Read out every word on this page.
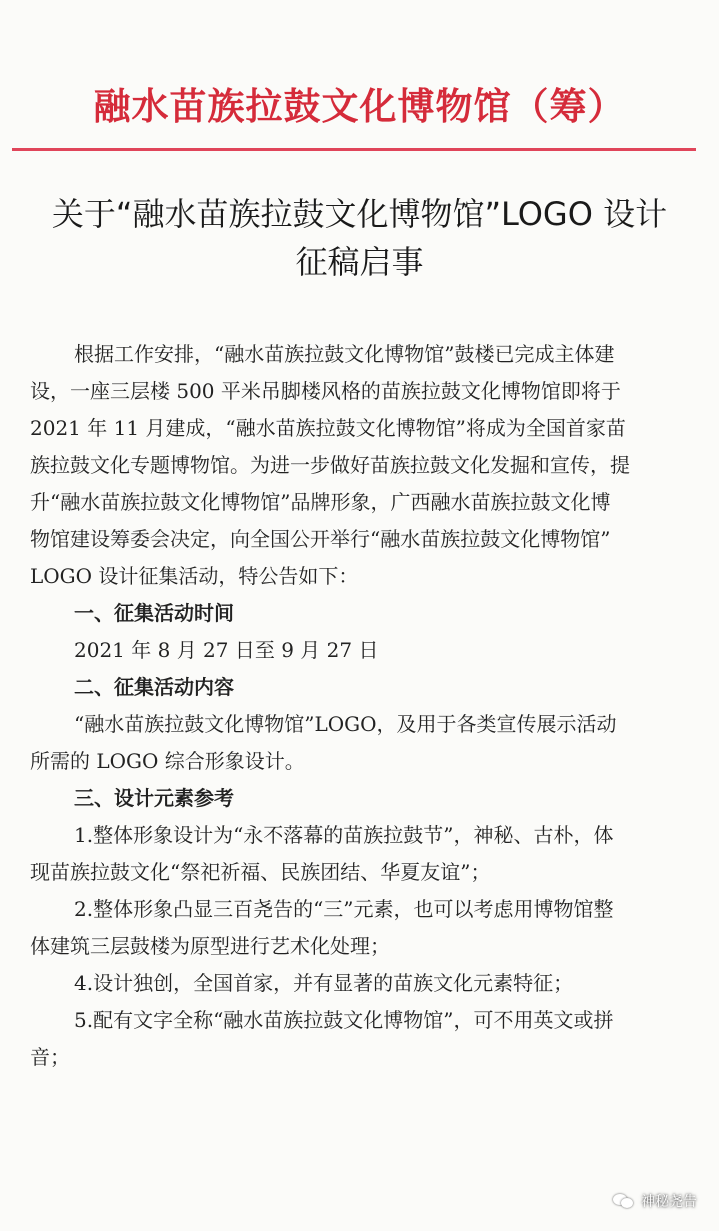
融水苗族拉鼓文化博物馆（筹）
关于“融水苗族拉鼓文化博物馆”LOGO 设计
征稿启事
根据工作安排，“融水苗族拉鼓文化博物馆”鼓楼已完成主体建
设，一座三层楼 500 平米吊脚楼风格的苗族拉鼓文化博物馆即将于
2021 年 11 月建成，“融水苗族拉鼓文化博物馆”将成为全国首家苗
族拉鼓文化专题博物馆。为进一步做好苗族拉鼓文化发掘和宣传，提
升“融水苗族拉鼓文化博物馆”品牌形象，广西融水苗族拉鼓文化博
物馆建设筹委会决定，向全国公开举行“融水苗族拉鼓文化博物馆”
LOGO 设计征集活动，特公告如下：
一、征集活动时间
2021 年 8 月 27 日至 9 月 27 日
二、征集活动内容
“融水苗族拉鼓文化博物馆”LOGO，及用于各类宣传展示活动
所需的 LOGO 综合形象设计。
三、设计元素参考
1.整体形象设计为“永不落幕的苗族拉鼓节”，神秘、古朴，体
现苗族拉鼓文化“祭祀祈福、民族团结、华夏友谊”；
2.整体形象凸显三百尧告的“三”元素，也可以考虑用博物馆整
体建筑三层鼓楼为原型进行艺术化处理；
4.设计独创，全国首家，并有显著的苗族文化元素特征；
5.配有文字全称“融水苗族拉鼓文化博物馆”，可不用英文或拼
音；
神秘尧告
